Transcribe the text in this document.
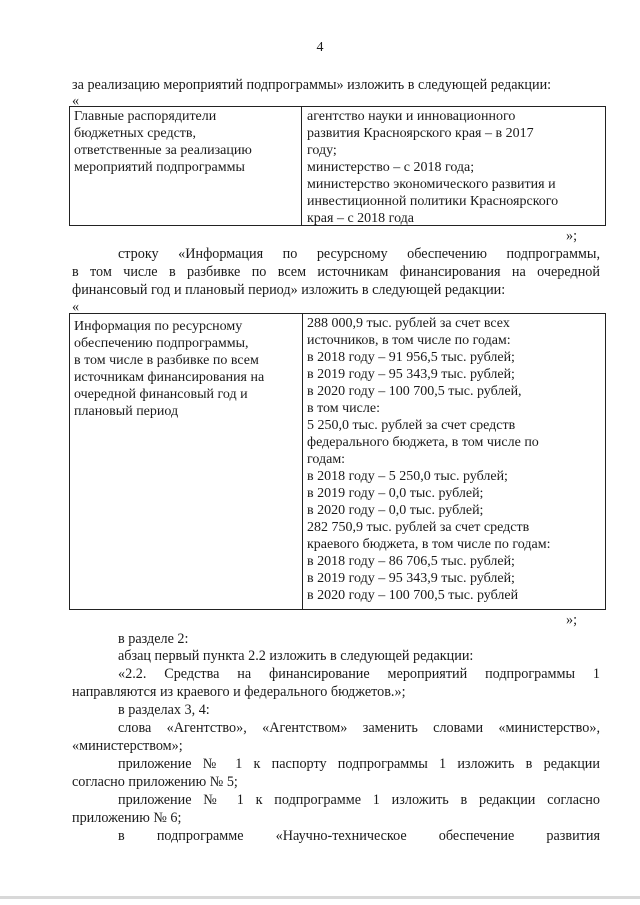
4
за реализацию мероприятий подпрограммы» изложить в следующей редакции:
«
Главные распорядители
бюджетных средств,
ответственные за реализацию
мероприятий подпрограммы
агентство науки и инновационного
развития Красноярского края – в 2017
году;
министерство – с 2018 года;
министерство экономического развития и
инвестиционной политики Красноярского
края – с 2018 года
»;
строку «Информация по ресурсному обеспечению подпрограммы,
в том числе в разбивке по всем источникам финансирования на очередной
финансовый год и плановый период» изложить в следующей редакции:
«
Информация по ресурсному
обеспечению подпрограммы,
в том числе в разбивке по всем
источникам финансирования на
очередной финансовый год и
плановый период
288 000,9 тыс. рублей за счет всех
источников, в том числе по годам:
в 2018 году – 91 956,5 тыс. рублей;
в 2019 году – 95 343,9 тыс. рублей;
в 2020 году – 100 700,5 тыс. рублей,
в том числе:
5 250,0 тыс. рублей за счет средств
федерального бюджета, в том числе по
годам:
в 2018 году – 5 250,0 тыс. рублей;
в 2019 году – 0,0 тыс. рублей;
в 2020 году – 0,0 тыс. рублей;
282 750,9 тыс. рублей за счет средств
краевого бюджета, в том числе по годам:
в 2018 году – 86 706,5 тыс. рублей;
в 2019 году – 95 343,9 тыс. рублей;
в 2020 году – 100 700,5 тыс. рублей
»;
в разделе 2:
абзац первый пункта 2.2 изложить в следующей редакции:
«2.2. Средства на финансирование мероприятий подпрограммы 1
направляются из краевого и федерального бюджетов.»;
в разделах 3, 4:
слова «Агентство», «Агентством» заменить словами «министерство»,
«министерством»;
приложение № 1 к паспорту подпрограммы 1 изложить в редакции
согласно приложению № 5;
приложение № 1 к подпрограмме 1 изложить в редакции согласно
приложению № 6;
в подпрограмме «Научно-техническое обеспечение развития
